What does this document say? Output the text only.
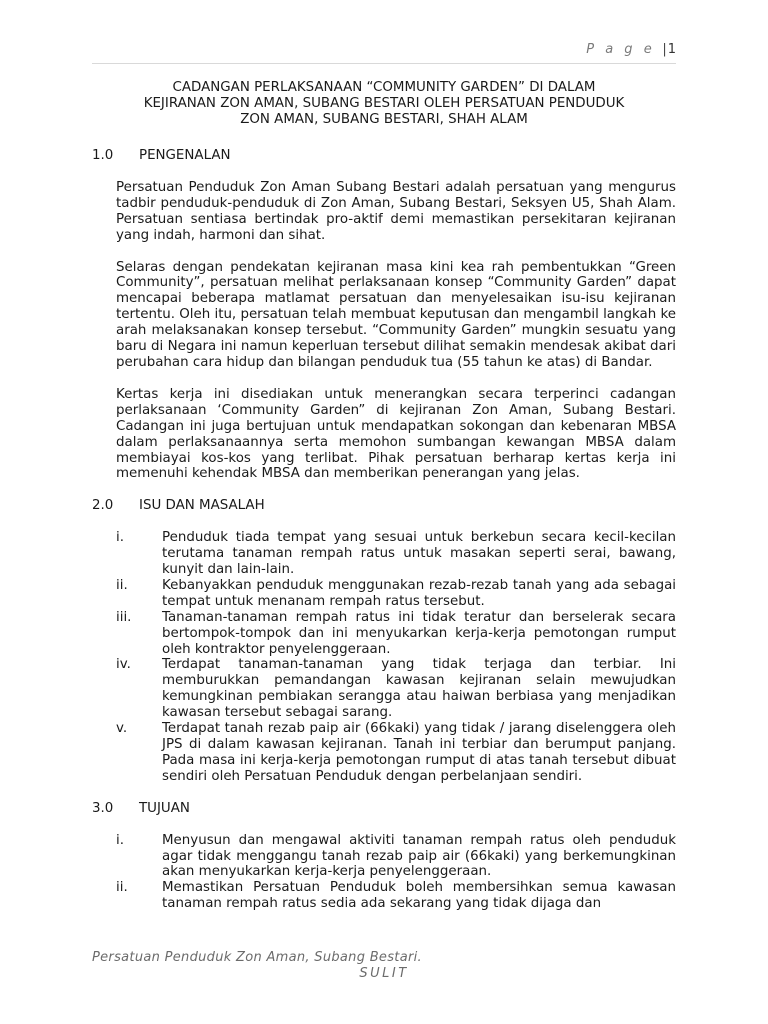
P a g e |1
CADANGAN PERLAKSANAAN “COMMUNITY GARDEN” DI DALAM
KEJIRANAN ZON AMAN, SUBANG BESTARI OLEH PERSATUAN PENDUDUK
ZON AMAN, SUBANG BESTARI, SHAH ALAM
1.0	PENGENALAN

Persatuan Penduduk Zon Aman Subang Bestari adalah persatuan yang mengurus tadbir penduduk-penduduk di Zon Aman, Subang Bestari, Seksyen U5, Shah Alam. Persatuan sentiasa bertindak pro-aktif demi memastikan persekitaran kejiranan yang indah, harmoni dan sihat.

Selaras dengan pendekatan kejiranan masa kini kea rah pembentukkan “Green Community”, persatuan melihat perlaksanaan konsep “Community Garden” dapat mencapai beberapa matlamat persatuan dan menyelesaikan isu-isu kejiranan tertentu. Oleh itu, persatuan telah membuat keputusan dan mengambil langkah ke arah melaksanakan konsep tersebut. “Community Garden” mungkin sesuatu yang baru di Negara ini namun keperluan tersebut dilihat semakin mendesak akibat dari perubahan cara hidup dan bilangan penduduk tua (55 tahun ke atas) di Bandar.

Kertas kerja ini disediakan untuk menerangkan secara terperinci cadangan perlaksanaan ‘Community Garden” di kejiranan Zon Aman, Subang Bestari. Cadangan ini juga bertujuan untuk mendapatkan sokongan dan kebenaran MBSA dalam perlaksanaannya serta memohon sumbangan kewangan MBSA dalam membiayai kos-kos yang terlibat. Pihak persatuan berharap kertas kerja ini memenuhi kehendak MBSA dan memberikan penerangan yang jelas.

2.0	ISU DAN MASALAH
i.	Penduduk tiada tempat yang sesuai untuk berkebun secara kecil-kecilan terutama tanaman rempah ratus untuk masakan seperti serai, bawang, kunyit dan lain-lain.
ii.	Kebanyakkan penduduk menggunakan rezab-rezab tanah yang ada sebagai tempat untuk menanam rempah ratus tersebut.
iii.	Tanaman-tanaman rempah ratus ini tidak teratur dan berselerak secara bertompok-tompok dan ini menyukarkan kerja-kerja pemotongan rumput oleh kontraktor penyelenggeraan.
iv.	Terdapat tanaman-tanaman yang tidak terjaga dan terbiar. Ini memburukkan pemandangan kawasan kejiranan selain mewujudkan kemungkinan pembiakan serangga atau haiwan berbiasa yang menjadikan kawasan tersebut sebagai sarang.
v.	Terdapat tanah rezab paip air (66kaki) yang tidak / jarang diselenggera oleh JPS di dalam kawasan kejiranan. Tanah ini terbiar dan berumput panjang. Pada masa ini kerja-kerja pemotongan rumput di atas tanah tersebut dibuat sendiri oleh Persatuan Penduduk dengan perbelanjaan sendiri.
3.0	TUJUAN
i.	Menyusun dan mengawal aktiviti tanaman rempah ratus oleh penduduk agar tidak menggangu tanah rezab paip air (66kaki) yang berkemungkinan akan menyukarkan kerja-kerja penyelenggeraan.
ii.	Memastikan Persatuan Penduduk boleh membersihkan semua kawasan tanaman rempah ratus sedia ada sekarang yang tidak dijaga dan
Persatuan Penduduk Zon Aman, Subang Bestari.
SULIT
